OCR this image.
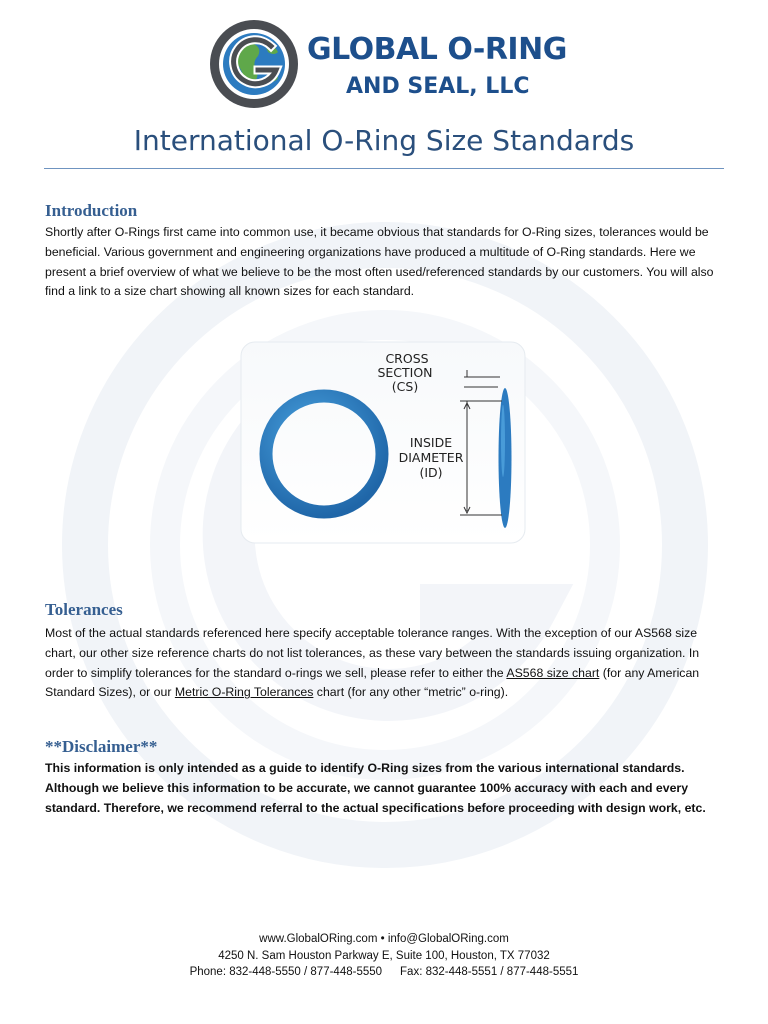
GLOBAL O-RING
AND SEAL, LLC
International O-Ring Size Standards
Introduction

Shortly after O-Rings first came into common use, it became obvious that standards for O-Ring sizes, tolerances would be beneficial. Various government and engineering organizations have produced a multitude of O-Ring standards. Here we present a brief overview of what we believe to be the most often used/referenced standards by our customers. You will also find a link to a size chart showing all known sizes for each standard.

CROSS
SECTION
(CS)
INSIDE
DIAMETER
(ID)
Tolerances

Most of the actual standards referenced here specify acceptable tolerance ranges. With the exception of our AS568 size chart, our other size reference charts do not list tolerances, as these vary between the standards issuing organization. In order to simplify tolerances for the standard o-rings we sell, please refer to either the AS568 size chart (for any American Standard Sizes), or our Metric O-Ring Tolerances chart (for any other “metric” o-ring).

**Disclaimer**

This information is only intended as a guide to identify O-Ring sizes from the various international standards. Although we believe this information to be accurate, we cannot guarantee 100% accuracy with each and every standard. Therefore, we recommend referral to the actual specifications before proceeding with design work, etc.

www.GlobalORing.com • info@GlobalORing.com
4250 N. Sam Houston Parkway E, Suite 100, Houston, TX 77032
Phone: 832-448-5550 / 877-448-5550 Fax: 832-448-5551 / 877-448-5551
